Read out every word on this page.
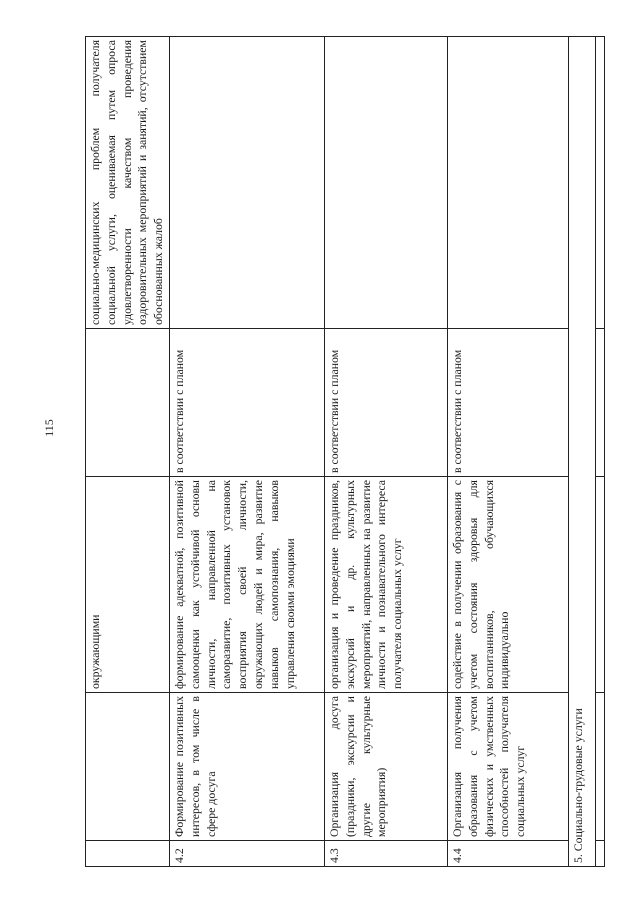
115
		окружающими		социально-медицинских проблем получателя социальной услуги, оцениваемая путем опроса удовлетворенности качеством проведения оздоровительных мероприятий и занятий, отсутствием обоснованных жалоб
4.2	Формирование позитивных интересов, в том числе в сфере досуга	формирование адекватной, позитивной самооценки как устойчивой основы личности, направленной на саморазвитие, позитивных установок восприятия своей личности, окружающих людей и мира, развитие навыков самопознания, навыков управления своими эмоциями	в соответствии с планом	
4.3	Организация досуга (праздники, экскурсии и другие культурные мероприятия)	организация и проведение праздников, экскурсий и др. культурных мероприятий, направленных на развитие личности и познавательного интереса получателя социальных услуг	в соответствии с планом	
4.4	Организация получения образования с учетом физических и умственных способностей получателя социальных услуг	содействие в получении образования с учетом состояния здоровья для воспитанников, обучающихся индивидуально	в соответствии с планом	
5. Социально-трудовые услуги				
